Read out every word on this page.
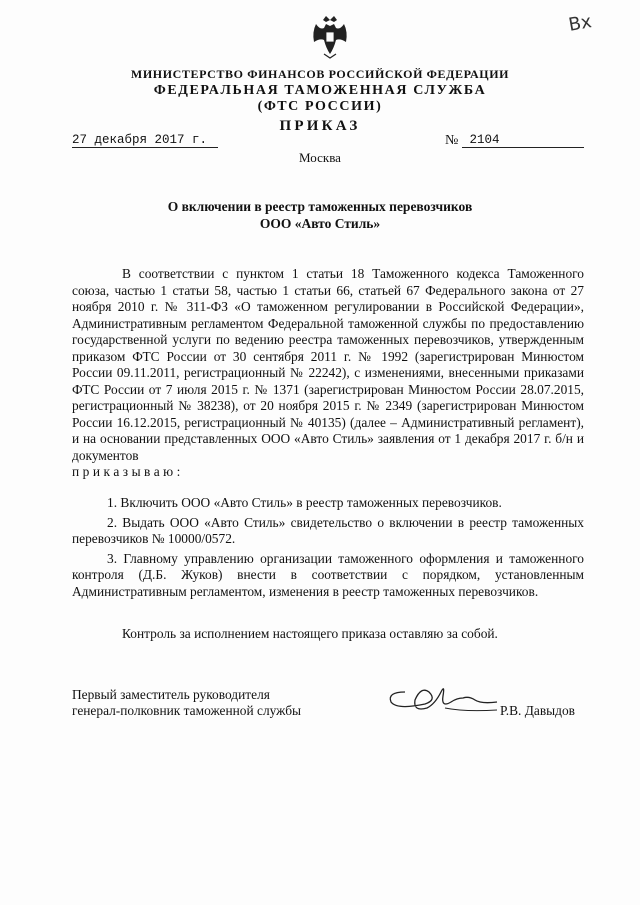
Вх
МИНИСТЕРСТВО ФИНАНСОВ РОССИЙСКОЙ ФЕДЕРАЦИИ
ФЕДЕРАЛЬНАЯ ТАМОЖЕННАЯ СЛУЖБА
(ФТС РОССИИ)
ПРИКАЗ
27 декабря 2017 г.	№ 2104
Москва
О включении в реестр таможенных перевозчиков
ООО «Авто Стиль»

В соответствии с пунктом 1 статьи 18 Таможенного кодекса Таможенного союза, частью 1 статьи 58, частью 1 статьи 66, статьей 67 Федерального закона от 27 ноября 2010 г. № 311-ФЗ «О таможенном регулировании в Российской Федерации», Административным регламентом Федеральной таможенной службы по предоставлению государственной услуги по ведению реестра таможенных перевозчиков, утвержденным приказом ФТС России от 30 сентября 2011 г. № 1992 (зарегистрирован Минюстом России 09.11.2011, регистрационный № 22242), с изменениями, внесенными приказами ФТС России от 7 июля 2015 г. № 1371 (зарегистрирован Минюстом России 28.07.2015, регистрационный № 38238), от 20 ноября 2015 г. № 2349 (зарегистрирован Минюстом России 16.12.2015, регистрационный № 40135) (далее – Административный регламент), и на основании представленных ООО «Авто Стиль» заявления от 1 декабря 2017 г. б/н и документов

приказываю:

1. Включить ООО «Авто Стиль» в реестр таможенных перевозчиков.

2. Выдать ООО «Авто Стиль» свидетельство о включении в реестр таможенных перевозчиков № 10000/0572.

3. Главному управлению организации таможенного оформления и таможенного контроля (Д.Б. Жуков) внести в соответствии с порядком, установленным Административным регламентом, изменения в реестр таможенных перевозчиков.

Контроль за исполнением настоящего приказа оставляю за собой.
Первый заместитель руководителя
генерал-полковник таможенной службы	Р.В. Давыдов
